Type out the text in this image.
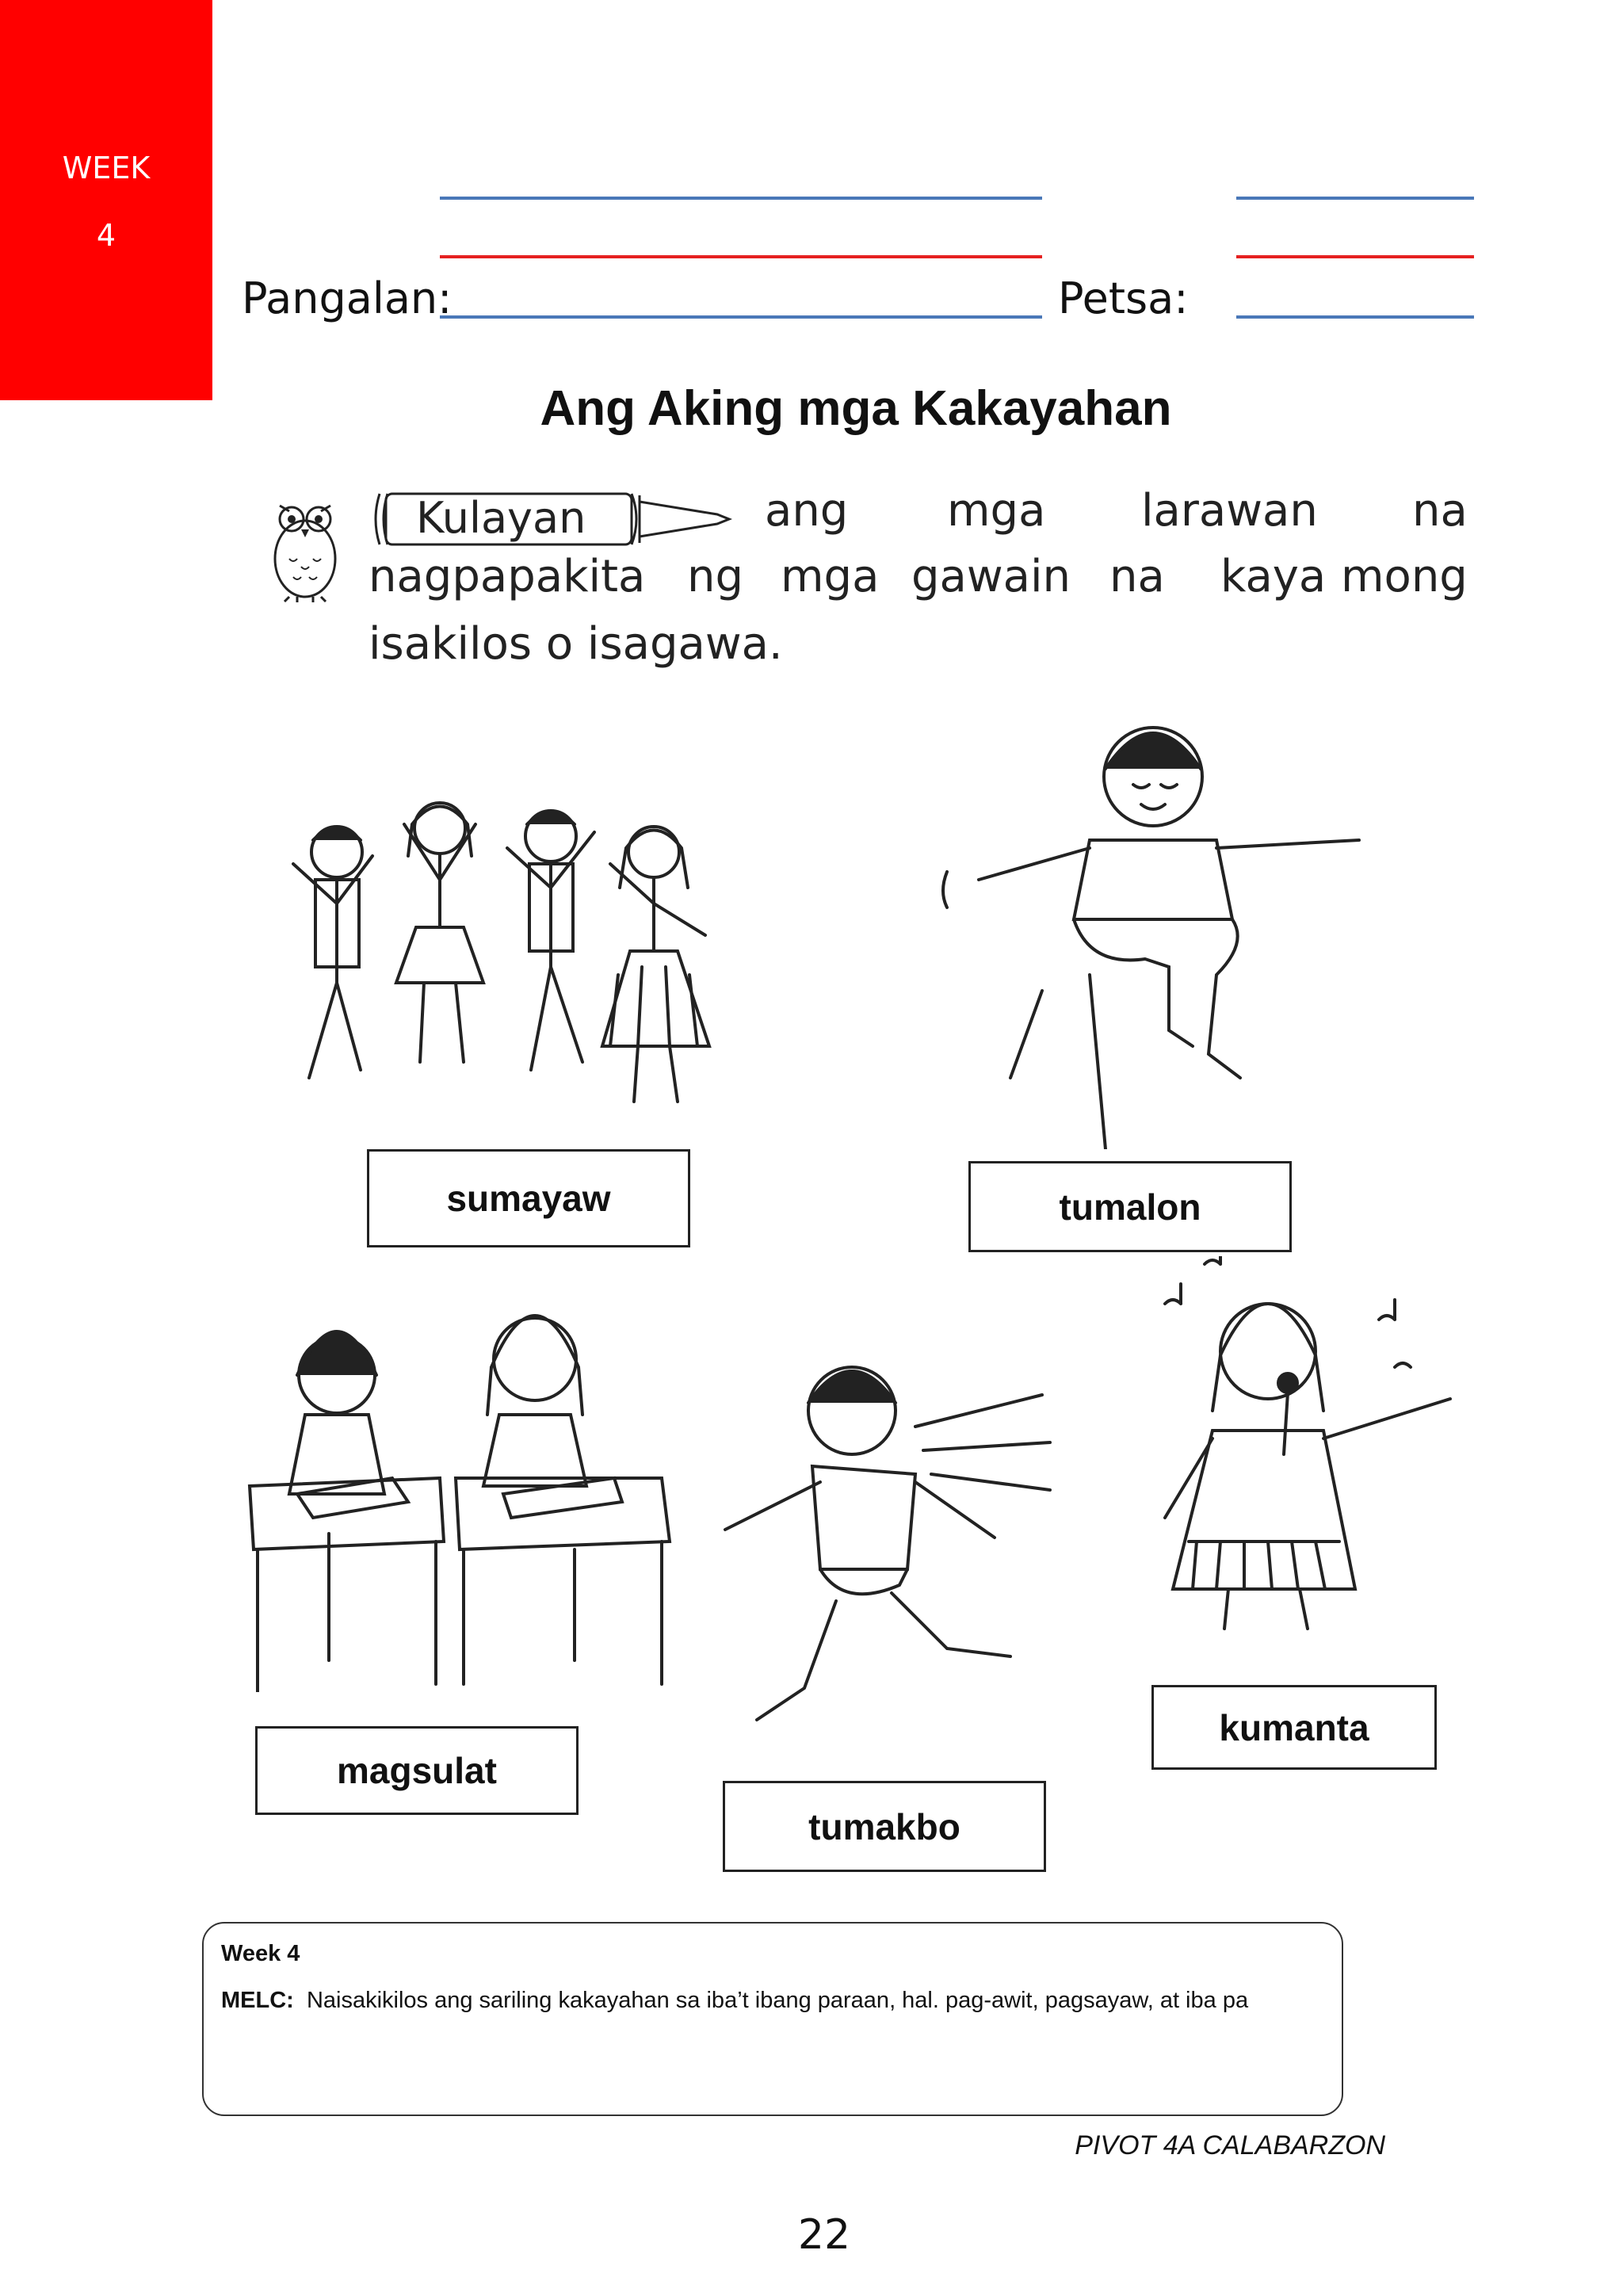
WEEK
4
Pangalan:	Petsa:
Ang Aking mga Kakayahan
Kulayan	ang mga larawan na
nagpapakita ng mga gawain na kaya mong
isakilos o isagawa.
sumayaw	tumalon
magsulat
tumakbo
kumanta
Week 4
MELC: Naisakikilos ang sariling kakayahan sa iba’t ibang paraan, hal. pag-awit, pagsayaw, at iba pa
PIVOT 4A CALABARZON
22
